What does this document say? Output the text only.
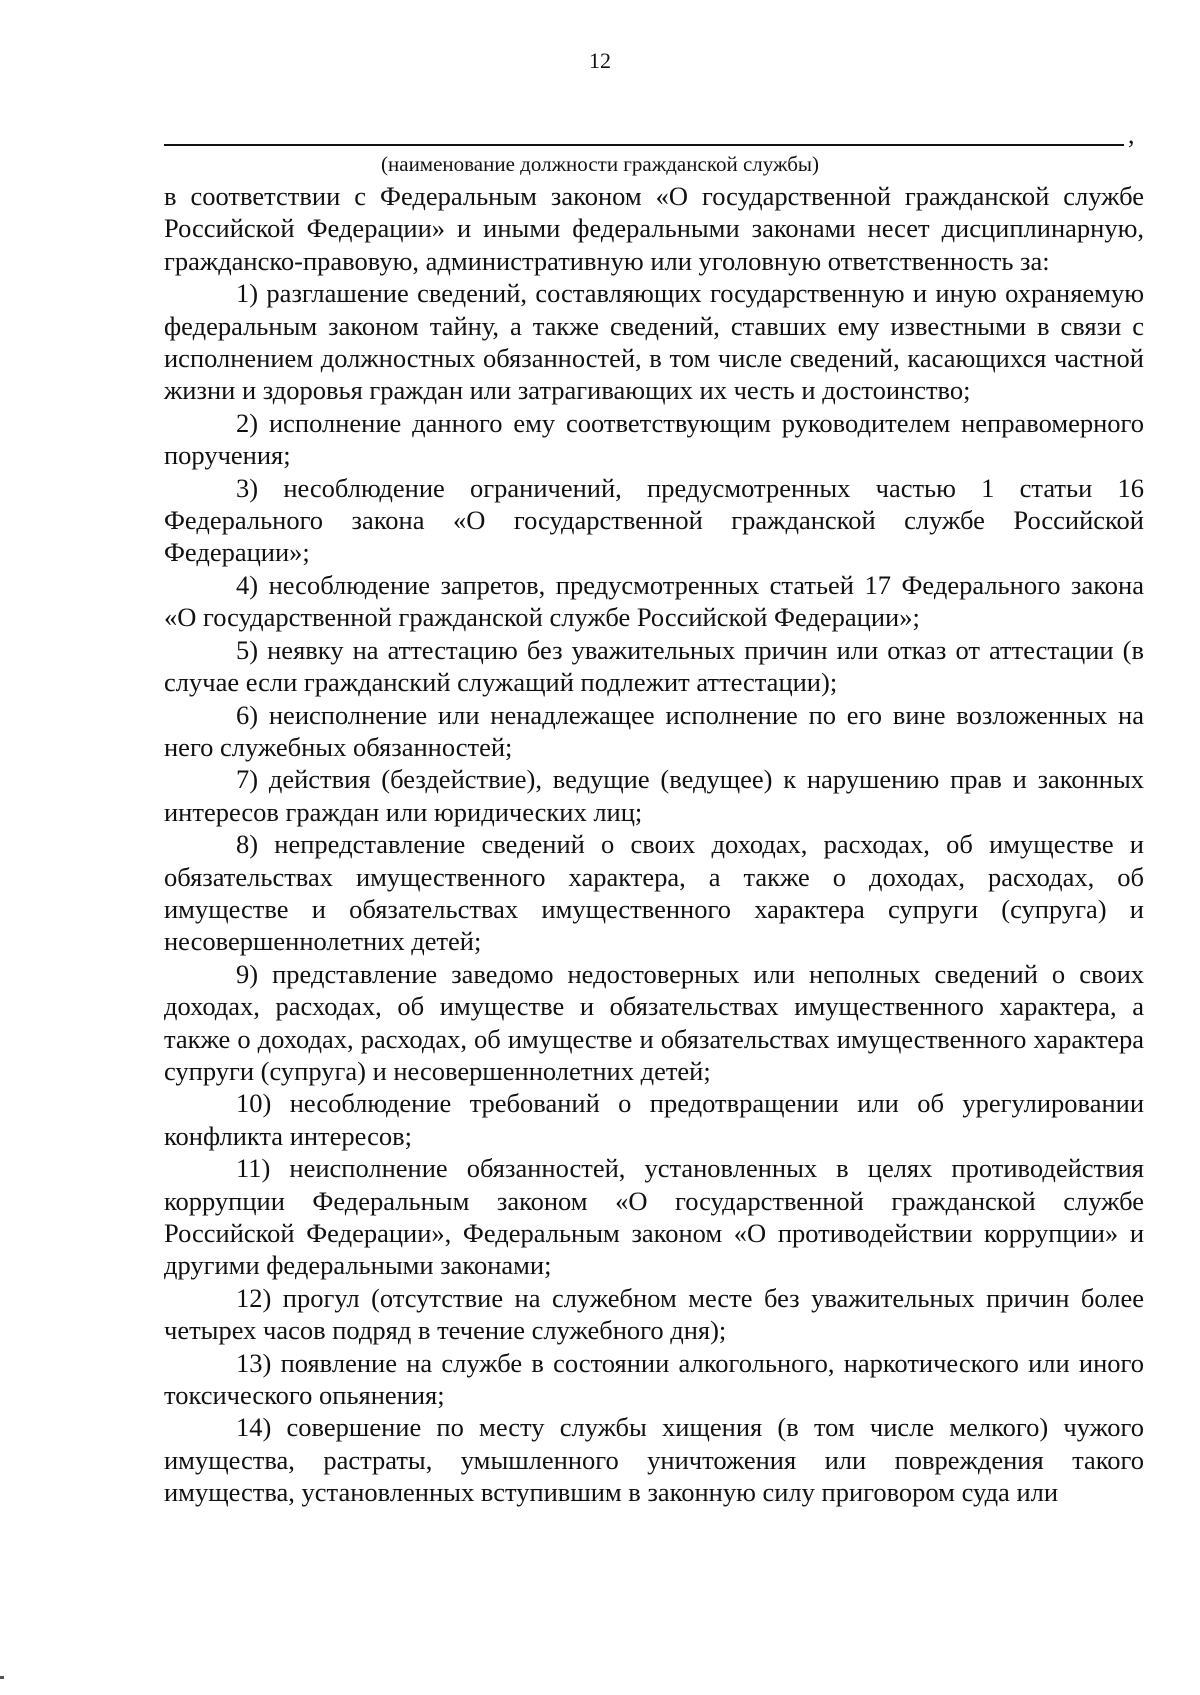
12
,
(наименование должности гражданской службы)

в соответствии с Федеральным законом «О государственной гражданской службе Российской Федерации» и иными федеральными законами несет дисциплинарную, гражданско-правовую, административную или уголовную ответственность за:

1) разглашение сведений, составляющих государственную и иную охраняемую федеральным законом тайну, а также сведений, ставших ему известными в связи с исполнением должностных обязанностей, в том числе сведений, касающихся частной жизни и здоровья граждан или затрагивающих их честь и достоинство;

2) исполнение данного ему соответствующим руководителем неправомерного поручения;

3) несоблюдение ограничений, предусмотренных частью 1 статьи 16 Федерального закона «О государственной гражданской службе Российской Федерации»;

4) несоблюдение запретов, предусмотренных статьей 17 Федерального закона «О государственной гражданской службе Российской Федерации»;

5) неявку на аттестацию без уважительных причин или отказ от аттестации (в случае если гражданский служащий подлежит аттестации);

6) неисполнение или ненадлежащее исполнение по его вине возложенных на него служебных обязанностей;

7) действия (бездействие), ведущие (ведущее) к нарушению прав и законных интересов граждан или юридических лиц;

8) непредставление сведений о своих доходах, расходах, об имуществе и обязательствах имущественного характера, а также о доходах, расходах, об имуществе и обязательствах имущественного характера супруги (супруга) и несовершеннолетних детей;

9) представление заведомо недостоверных или неполных сведений о своих доходах, расходах, об имуществе и обязательствах имущественного характера, а также о доходах, расходах, об имуществе и обязательствах имущественного характера супруги (супруга) и несовершеннолетних детей;

10) несоблюдение требований о предотвращении или об урегулировании конфликта интересов;

11) неисполнение обязанностей, установленных в целях противодействия коррупции Федеральным законом «О государственной гражданской службе Российской Федерации», Федеральным законом «О противодействии коррупции» и другими федеральными законами;

12) прогул (отсутствие на служебном месте без уважительных причин более четырех часов подряд в течение служебного дня);

13) появление на службе в состоянии алкогольного, наркотического или иного токсического опьянения;

14) совершение по месту службы хищения (в том числе мелкого) чужого имущества, растраты, умышленного уничтожения или повреждения такого имущества, установленных вступившим в законную силу приговором суда или
